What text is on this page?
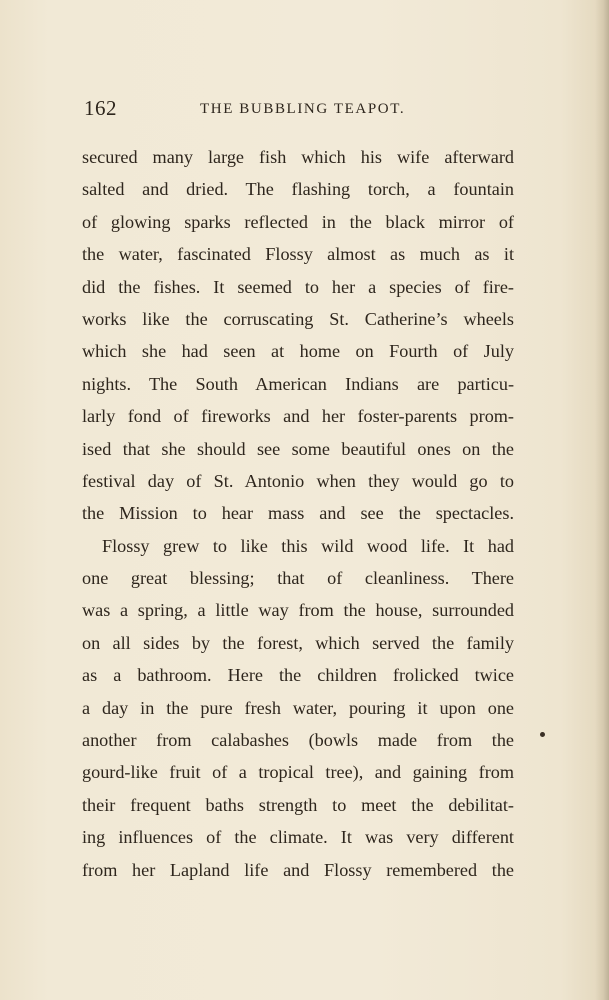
162	THE BUBBLING TEAPOT.
secured many large fish which his wife afterward
salted and dried. The flashing torch, a fountain
of glowing sparks reflected in the black mirror of
the water, fascinated Flossy almost as much as it
did the fishes. It seemed to her a species of fire-
works like the corruscating St. Catherine’s wheels
which she had seen at home on Fourth of July
nights. The South American Indians are particu-
larly fond of fireworks and her foster-parents prom-
ised that she should see some beautiful ones on the
festival day of St. Antonio when they would go to
the Mission to hear mass and see the spectacles.
Flossy grew to like this wild wood life. It had
one great blessing; that of cleanliness. There
was a spring, a little way from the house, surrounded
on all sides by the forest, which served the family
as a bathroom. Here the children frolicked twice
a day in the pure fresh water, pouring it upon one
another from calabashes (bowls made from the
gourd-like fruit of a tropical tree), and gaining from
their frequent baths strength to meet the debilitat-
ing influences of the climate. It was very different
from her Lapland life and Flossy remembered the
